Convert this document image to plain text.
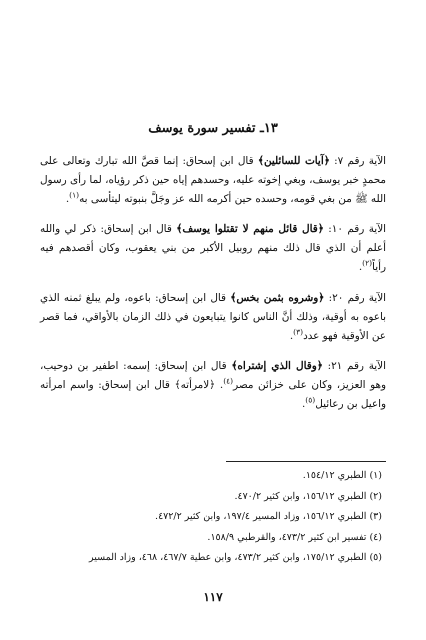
١٣ـ تفسير سورة يوسف

الآية رقم ٧: ﴿آيات للسائلين﴾ قال ابن إسحاق: إنما قصَّ الله تبارك وتعالى على محمدٍ خبر يوسف، وبغي إخوته عليه، وحسدهم إياه حين ذكر رؤياه، لما رأى رسول الله ﷺ من بغي قومه، وحسده حين أكرمه الله عز وجَلَّ بنبوته ليتأسى به$^{(١)}$.

الآية رقم ١٠: ﴿قال قائل منهم لا تقتلوا يوسف﴾ قال ابن إسحاق: ذكر لي والله أعلم أن الذي قال ذلك منهم روبيل الأكبر من بني يعقوب، وكان أقصدهم فيه رأياً$^{(٢)}$.

الآية رقم ٢٠: ﴿وشروه بثمن بخس﴾ قال ابن إسحاق: باعوه، ولم يبلغ ثمنه الذي باعوه به أوقية، وذلك أنَّ الناس كانوا يتبايعون في ذلك الزمان بالأواقي، فما قصر عن الأوقية فهو عدد$^{(٣)}$.

الآية رقم ٢١: ﴿وقال الذي إشتراه﴾ قال ابن إسحاق: إسمه: اطفير بن دوحيب، وهو العزيز، وكان على خزائن مصر$^{(٤)}$. ﴿لامرأته﴾ قال ابن إسحاق: واسم امرأته واعيل بن رعائيل$^{(٥)}$.

(١) الطبري ١٥٤/١٢.
(٢) الطبري ١٥٦/١٢، وابن كثير ٤٧٠/٢.
(٣) الطبري ١٥٦/١٢، وزاد المسير ١٩٧/٤، وابن كثير ٤٧٢/٢.
(٤) تفسير ابن كثير ٤٧٣/٢، والقرطبي ١٥٨/٩.
(٥) الطبري ١٧٥/١٢، وابن كثير ٤٧٣/٢، وابن عطية ٤٦٧/٧، ٤٦٨، وزاد المسير
١١٧
